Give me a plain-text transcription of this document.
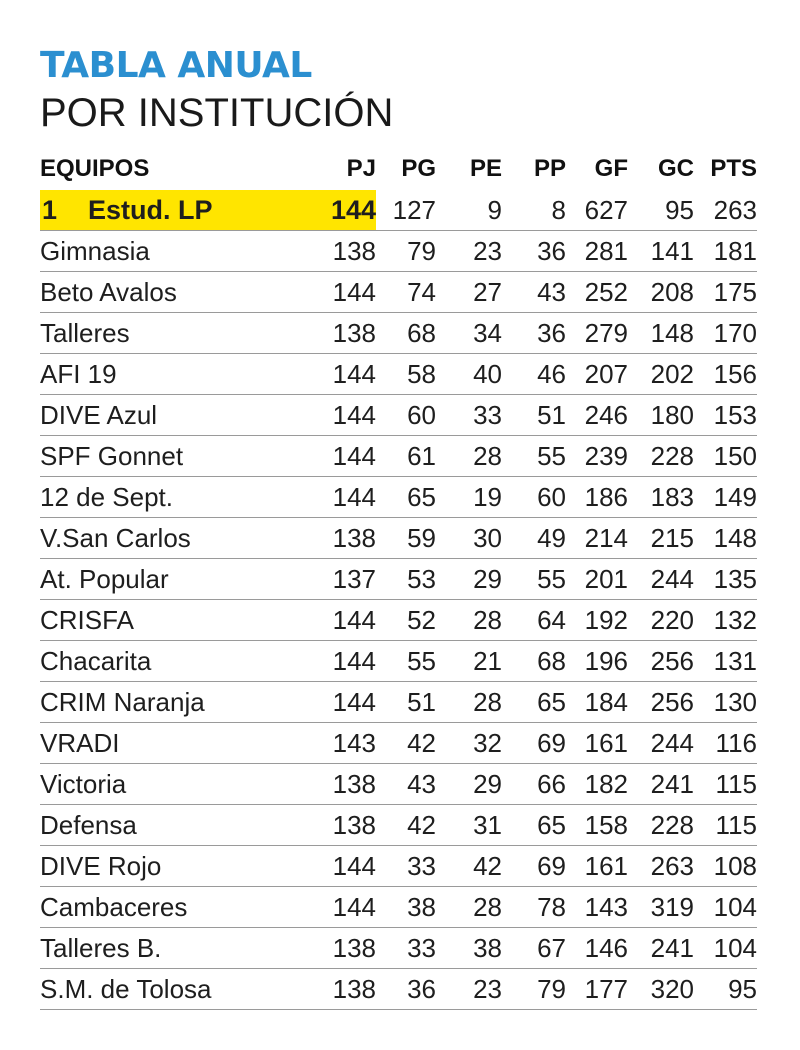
TABLA ANUAL
POR INSTITUCIÓN
EQUIPOS	PJ	PG	PE	PP	GF	GC	PTS
1 Estud. LP	144	127	9	8	627	95	263
Gimnasia	138	79	23	36	281	141	181
Beto Avalos	144	74	27	43	252	208	175
Talleres	138	68	34	36	279	148	170
AFI 19	144	58	40	46	207	202	156
DIVE Azul	144	60	33	51	246	180	153
SPF Gonnet	144	61	28	55	239	228	150
12 de Sept.	144	65	19	60	186	183	149
V.San Carlos	138	59	30	49	214	215	148
At. Popular	137	53	29	55	201	244	135
CRISFA	144	52	28	64	192	220	132
Chacarita	144	55	21	68	196	256	131
CRIM Naranja	144	51	28	65	184	256	130
VRADI	143	42	32	69	161	244	116
Victoria	138	43	29	66	182	241	115
Defensa	138	42	31	65	158	228	115
DIVE Rojo	144	33	42	69	161	263	108
Cambaceres	144	38	28	78	143	319	104
Talleres B.	138	33	38	67	146	241	104
S.M. de Tolosa	138	36	23	79	177	320	95
